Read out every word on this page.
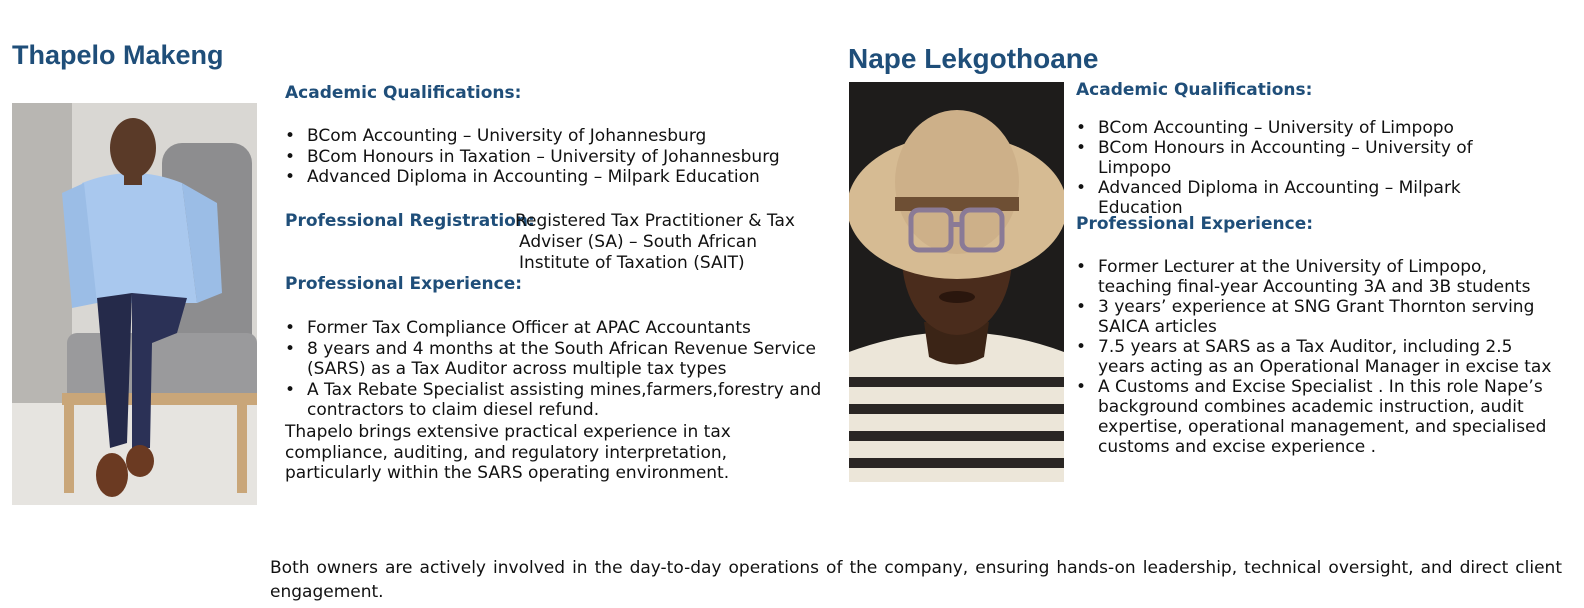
Thapelo Makeng
Academic Qualifications:
• BCom Accounting – University of Johannesburg
• BCom Honours in Taxation – University of Johannesburg
• Advanced Diploma in Accounting – Milpark Education
Professional Registration:
Registered Tax Practitioner & Tax
Adviser (SA) – South African
Institute of Taxation (SAIT)
Professional Experience:
• Former Tax Compliance Officer at APAC Accountants
• 8 years and 4 months at the South African Revenue Service (SARS) as a Tax Auditor across multiple tax types
• A Tax Rebate Specialist assisting mines,farmers,forestry and contractors to claim diesel refund.
Thapelo brings extensive practical experience in tax compliance, auditing, and regulatory interpretation, particularly within the SARS operating environment.
Nape Lekgothoane
Academic Qualifications:
• BCom Accounting – University of Limpopo
• BCom Honours in Accounting – University of Limpopo
• Advanced Diploma in Accounting – Milpark Education
Professional Experience:
• Former Lecturer at the University of Limpopo, teaching final-year Accounting 3A and 3B students
• 3 years’ experience at SNG Grant Thornton serving SAICA articles
• 7.5 years at SARS as a Tax Auditor, including 2.5 years acting as an Operational Manager in excise tax
• A Customs and Excise Specialist . In this role Nape’s background combines academic instruction, audit expertise, operational management, and specialised customs and excise experience .
Both owners are actively involved in the day-to-day operations of the company, ensuring hands-on leadership, technical oversight, and direct client engagement.
